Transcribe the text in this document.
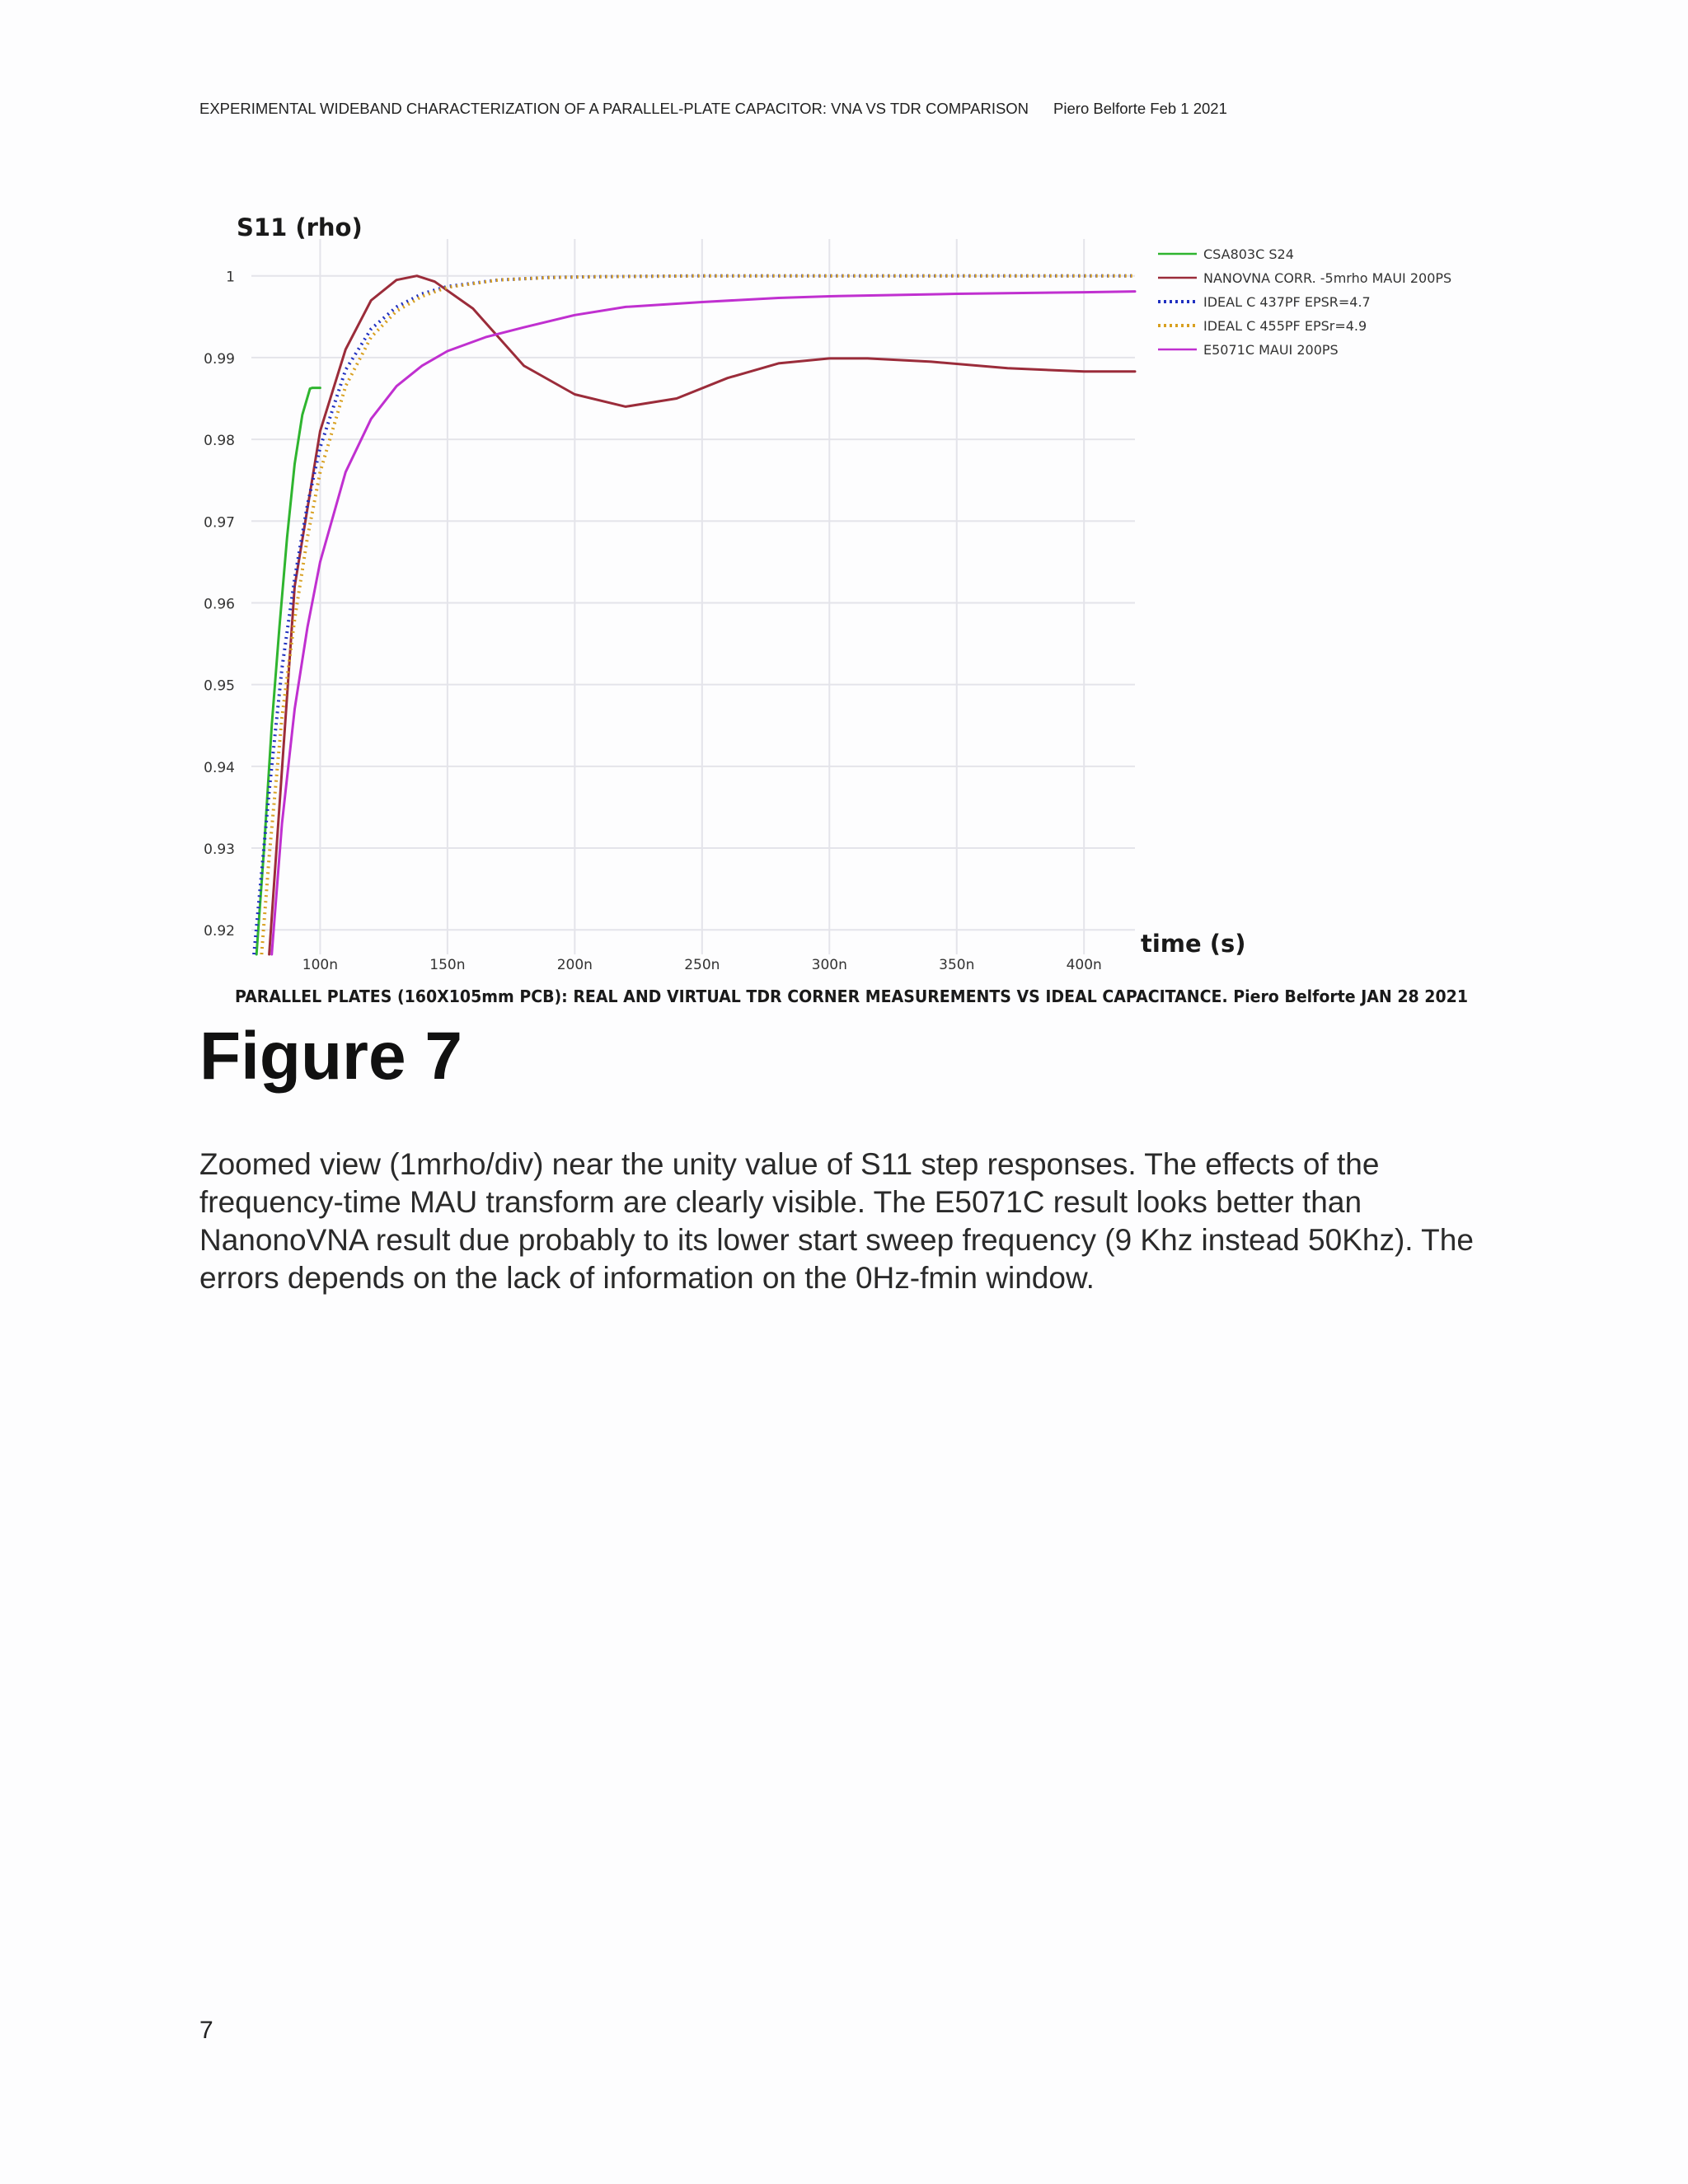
EXPERIMENTAL WIDEBAND CHARACTERIZATION OF A PARALLEL-PLATE CAPACITOR: VNA VS TDR COMPARISON Piero Belforte Feb 1 2021
0.92
0.93
0.94
0.95
0.96
0.97
0.98
0.99
1
100n	150n	200n	250n	300n	350n	400n
S11 (rho)
time (s)
CSA803C S24
NANOVNA CORR. -5mrho MAUI 200PS
IDEAL C 437PF EPSR=4.7
IDEAL C 455PF EPSr=4.9
E5071C MAUI 200PS
PARALLEL PLATES (160X105mm PCB): REAL AND VIRTUAL TDR CORNER MEASUREMENTS VS IDEAL CAPACITANCE. Piero Belforte JAN 28 2021
Figure 7

Zoomed view (1mrho/div) near the unity value of S11 step responses. The effects of the frequency-time MAU transform are clearly visible. The E5071C result looks better than NanonoVNA result due probably to its lower start sweep frequency (9 Khz instead 50Khz). The errors depends on the lack of information on the 0Hz-fmin window.

7
